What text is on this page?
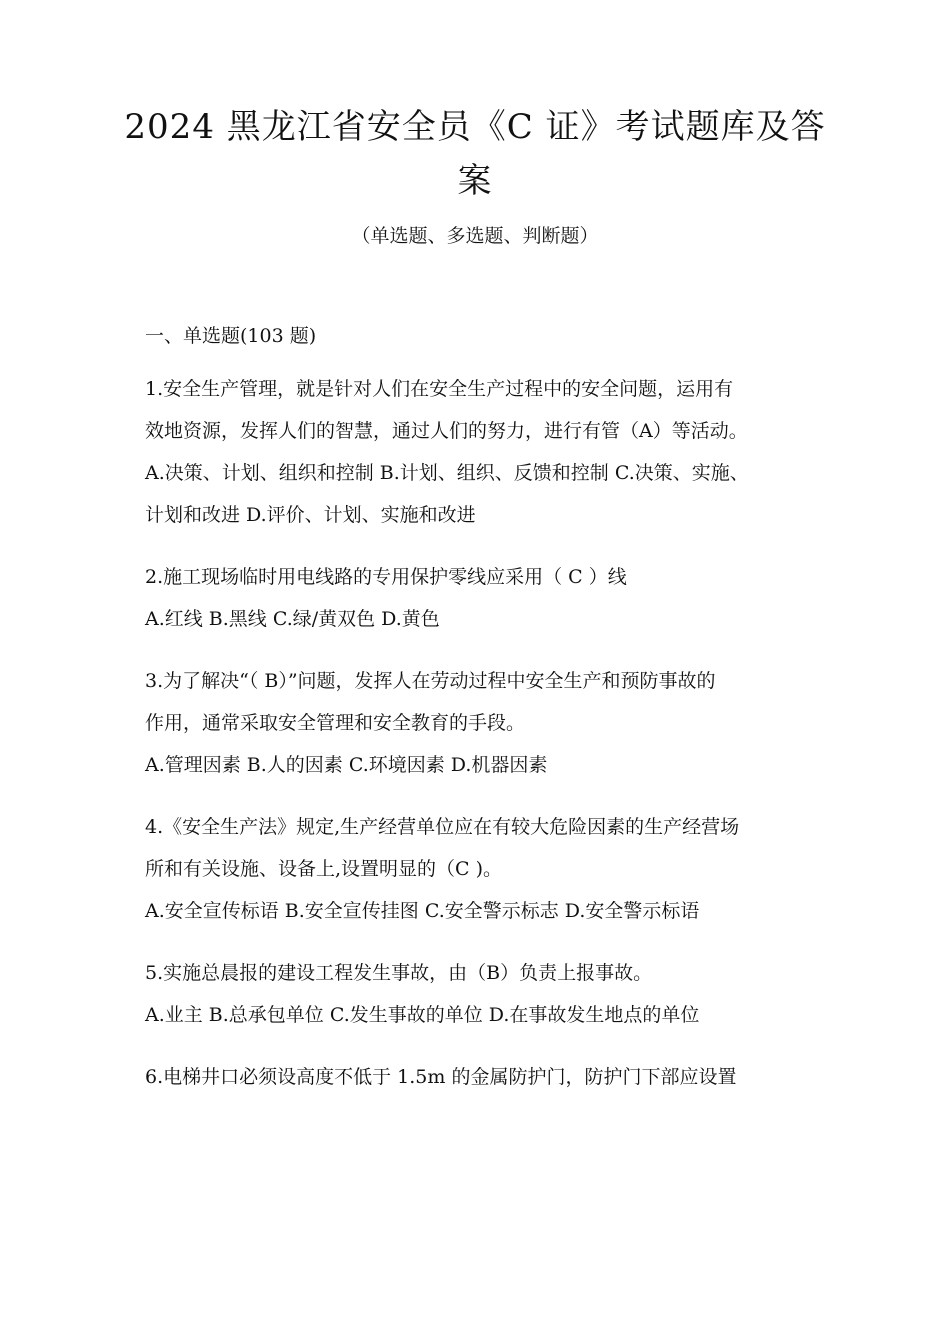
2024 黑龙江省安全员《C 证》考试题库及答
案
（单选题、多选题、判断题）
一、单选题(103 题)
1.安全生产管理，就是针对人们在安全生产过程中的安全问题，运用有
效地资源，发挥人们的智慧，通过人们的努力，进行有管（A）等活动。
A.决策、计划、组织和控制 B.计划、组织、反馈和控制 C.决策、实施、
计划和改进 D.评价、计划、实施和改进
2.施工现场临时用电线路的专用保护零线应采用（ C ）线
A.红线 B.黑线 C.绿/黄双色 D.黄色
3.为了解决“（ B）”问题，发挥人在劳动过程中安全生产和预防事故的
作用，通常采取安全管理和安全教育的手段。
A.管理因素 B.人的因素 C.环境因素 D.机器因素
4.《安全生产法》规定,生产经营单位应在有较大危险因素的生产经营场
所和有关设施、设备上,设置明显的（C )。
A.安全宣传标语 B.安全宣传挂图 C.安全警示标志 D.安全警示标语
5.实施总晨报的建设工程发生事故，由（B）负责上报事故。
A.业主 B.总承包单位 C.发生事故的单位 D.在事故发生地点的单位
6.电梯井口必须设高度不低于 1.5m 的金属防护门，防护门下部应设置
